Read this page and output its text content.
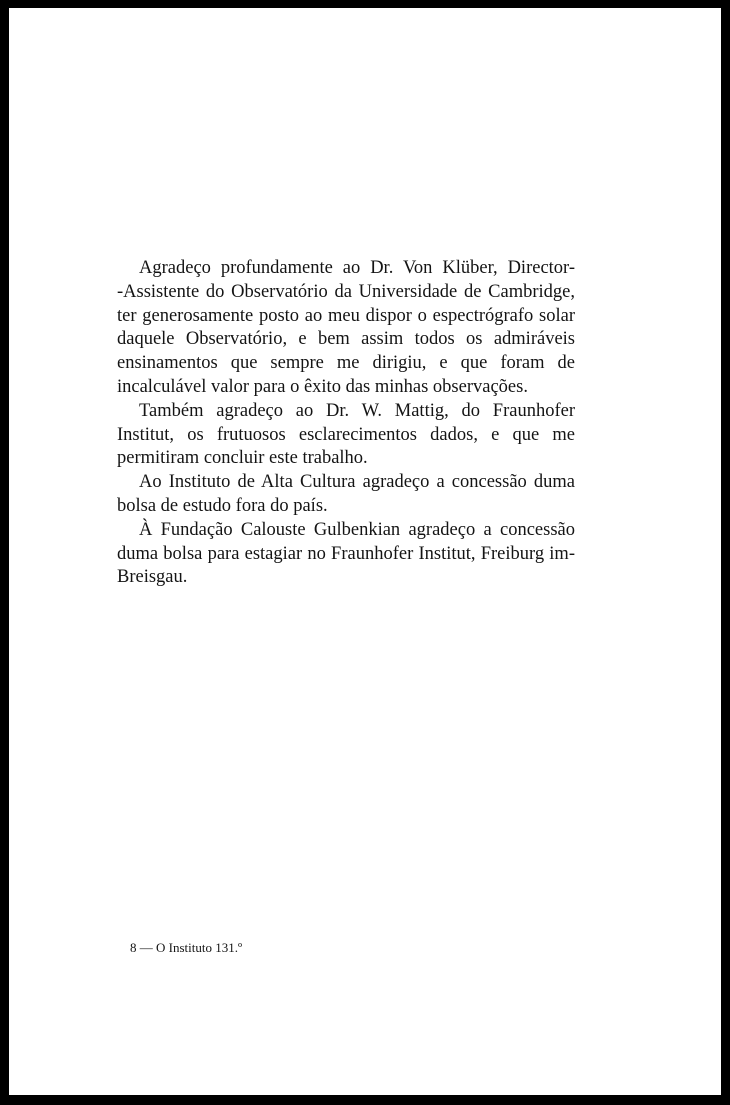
Agradeço profundamente ao Dr. Von Klüber, Director-‑Assistente do Observatório da Universidade de Cambridge, ter generosamente posto ao meu dispor o espectrógrafo solar daquele Observatório, e bem assim todos os admiráveis ensinamentos que sempre me dirigiu, e que foram de incalculável valor para o êxito das minhas observações.

Também agradeço ao Dr. W. Mattig, do Fraunhofer Institut, os frutuosos esclarecimentos dados, e que me permitiram concluir este trabalho.

Ao Instituto de Alta Cultura agradeço a concessão duma bolsa de estudo fora do país.

À Fundação Calouste Gulbenkian agradeço a concessão duma bolsa para estagiar no Fraunhofer Institut, Freiburg im-Breisgau.

8 — O Instituto 131.º
